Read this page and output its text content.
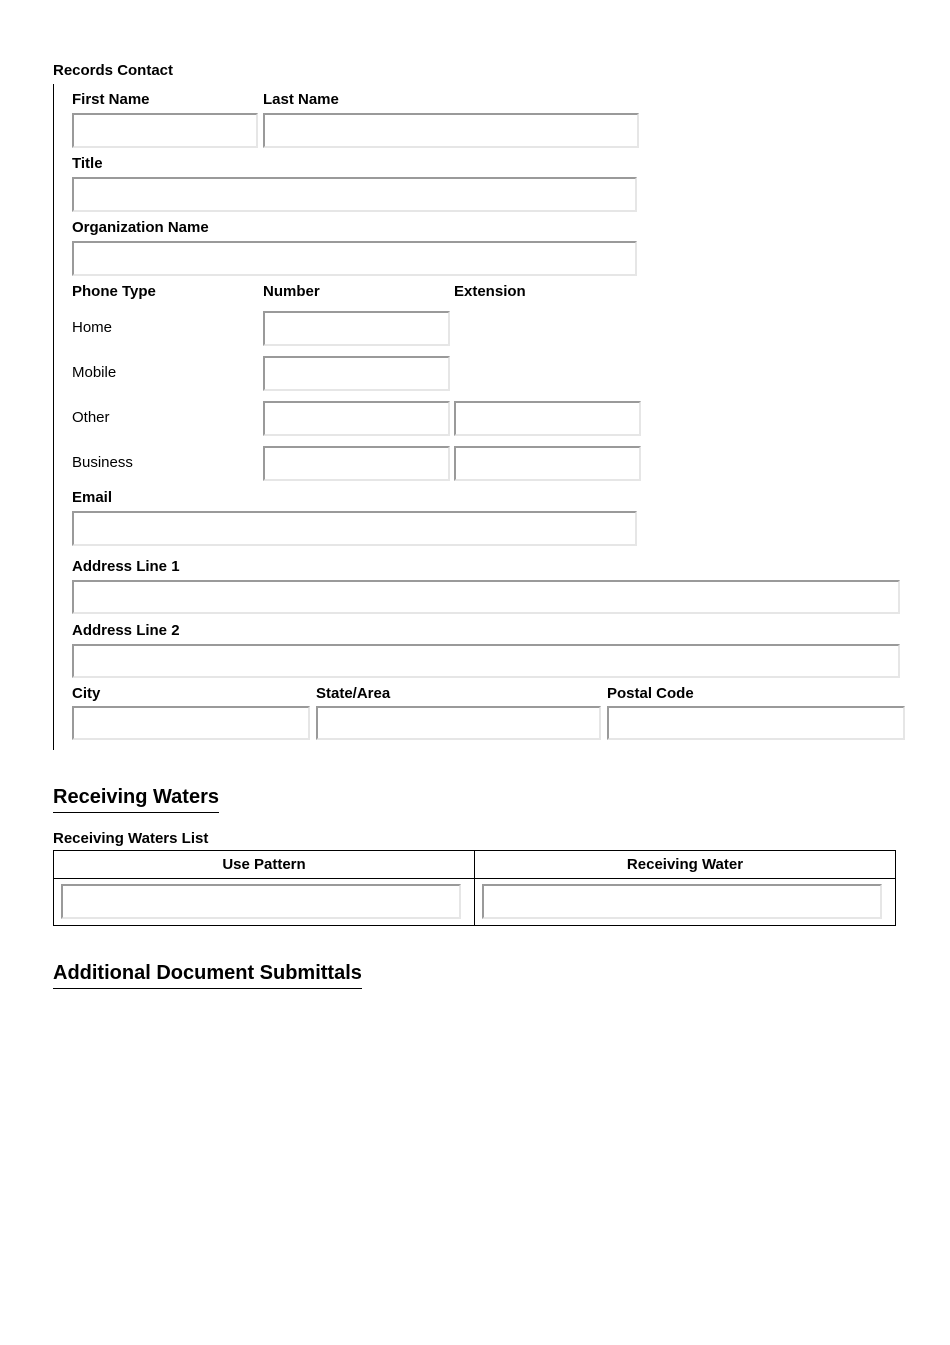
Records Contact
First Name	Last Name
Title
Organization Name
Phone Type	Number	Extension
Home
Mobile
Other
Business
Email
Address Line 1
Address Line 2
City	State/Area	Postal Code
Receiving Waters
Receiving Waters List
Use Pattern	Receiving Water

Additional Document Submittals
